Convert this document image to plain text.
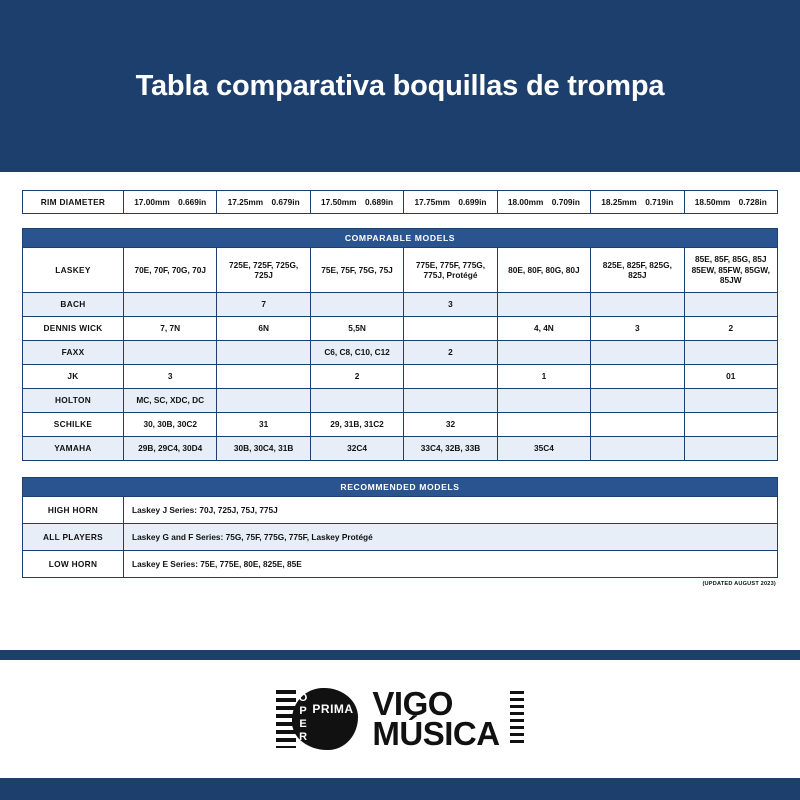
Tabla comparativa boquillas de trompa
RIM DIAMETER	17.00mm 0.669in	17.25mm 0.679in	17.50mm 0.689in	17.75mm 0.699in	18.00mm 0.709in	18.25mm 0.719in	18.50mm 0.728in
COMPARABLE MODELS
LASKEY	70E, 70F, 70G, 70J	725E, 725F, 725G, 725J	75E, 75F, 75G, 75J	775E, 775F, 775G, 775J, Protégé	80E, 80F, 80G, 80J	825E, 825F, 825G, 825J	85E, 85F, 85G, 85J 85EW, 85FW, 85GW, 85JW
BACH		7		3			
DENNIS WICK	7, 7N	6N	5,5N		4, 4N	3	2
FAXX			C6, C8, C10, C12	2			
JK	3		2		1		01
HOLTON	MC, SC, XDC, DC						
SCHILKE	30, 30B, 30C2	31	29, 31B, 31C2	32			
YAMAHA	29B, 29C4, 30D4	30B, 30C4, 31B	32C4	33C4, 32B, 33B	35C4		
RECOMMENDED MODELS
HIGH HORN	Laskey J Series: 70J, 725J, 75J, 775J
ALL PLAYERS	Laskey G and F Series: 75G, 75F, 775G, 775F, Laskey Protégé
LOW HORN	Laskey E Series: 75E, 775E, 80E, 825E, 85E
(UPDATED AUGUST 2023)
OPERA PRIMA VIGO
MÚSICA
